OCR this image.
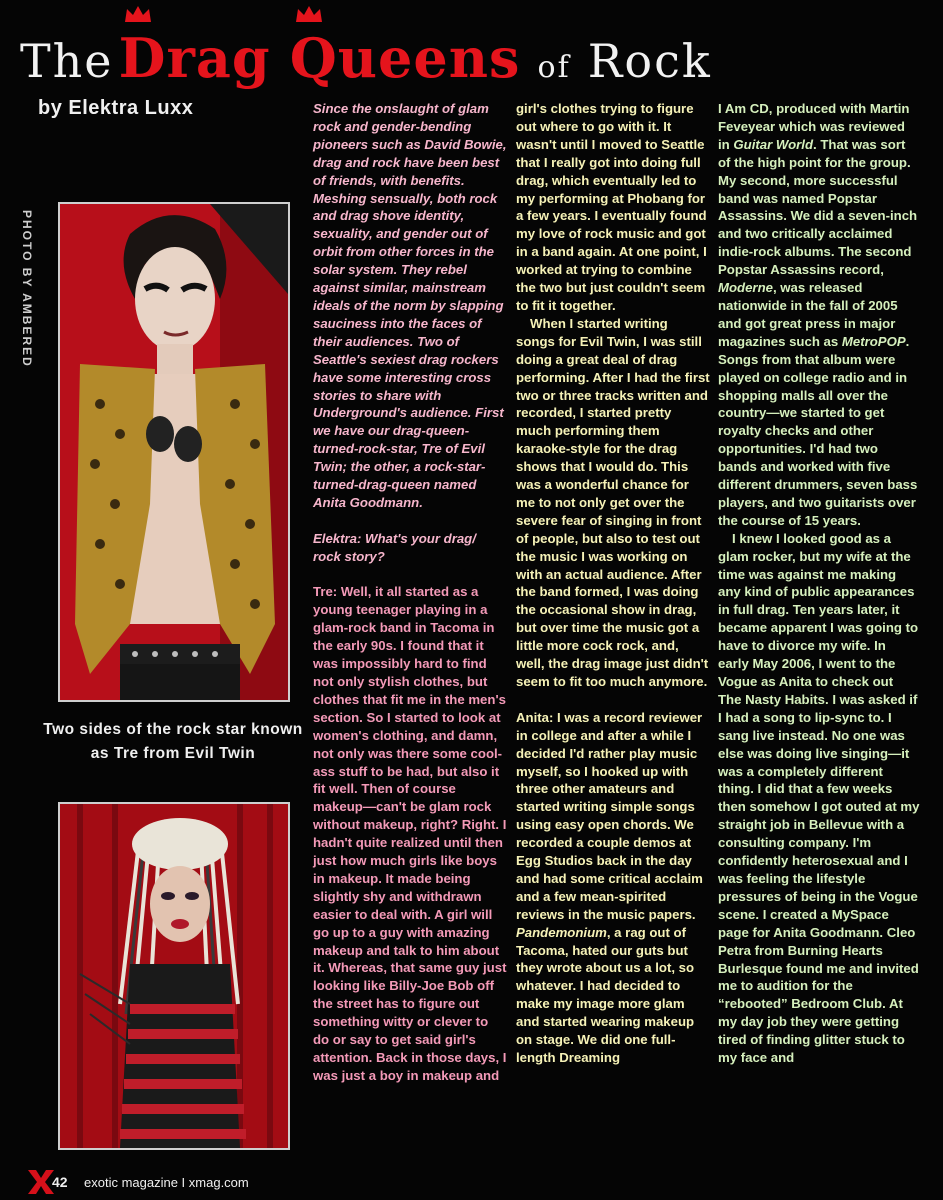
The
Drag Queens of Rock
by Elektra Luxx
PHOTO BY AMBERED
Two sides of the rock star known as Tre from Evil Twin

Since the onslaught of glam rock and gender-bending pioneers such as David Bowie, drag and rock have been best of friends, with benefits. Meshing sensually, both rock and drag shove identity, sexuality, and gender out of orbit from other forces in the solar system. They rebel against similar, mainstream ideals of the norm by slapping sauciness into the faces of their audiences. Two of Seattle's sexiest drag rockers have some interesting cross stories to share with Underground's audience. First we have our drag-queen-turned-rock-star, Tre of Evil Twin; the other, a rock-star-turned-drag-queen named Anita Goodmann.

Elektra: What's your drag/ rock story?

Tre: Well, it all started as a young teenager playing in a glam-rock band in Tacoma in the early 90s. I found that it was impossibly hard to find not only stylish clothes, but clothes that fit me in the men's section. So I started to look at women's clothing, and damn, not only was there some cool-ass stuff to be had, but also it fit well. Then of course makeup—can't be glam rock without makeup, right? Right. I hadn't quite realized until then just how much girls like boys in makeup. It made being slightly shy and withdrawn easier to deal with. A girl will go up to a guy with amazing makeup and talk to him about it. Whereas, that same guy just looking like Billy-Joe Bob off the street has to figure out something witty or clever to do or say to get said girl's attention. Back in those days, I was just a boy in makeup and

girl's clothes trying to figure out where to go with it. It wasn't until I moved to Seattle that I really got into doing full drag, which eventually led to my performing at Phobang for a few years. I eventually found my love of rock music and got in a band again. At one point, I worked at trying to combine the two but just couldn't seem to fit it together.

When I started writing songs for Evil Twin, I was still doing a great deal of drag performing. After I had the first two or three tracks written and recorded, I started pretty much performing them karaoke-style for the drag shows that I would do. This was a wonderful chance for me to not only get over the severe fear of singing in front of people, but also to test out the music I was working on with an actual audience. After the band formed, I was doing the occasional show in drag, but over time the music got a little more cock rock, and, well, the drag image just didn't seem to fit too much anymore.

Anita: I was a record reviewer in college and after a while I decided I'd rather play music myself, so I hooked up with three other amateurs and started writing simple songs using easy open chords. We recorded a couple demos at Egg Studios back in the day and had some critical acclaim and a few mean-spirited reviews in the music papers. Pandemonium, a rag out of Tacoma, hated our guts but they wrote about us a lot, so whatever. I had decided to make my image more glam and started wearing makeup on stage. We did one full-length Dreaming

I Am CD, produced with Martin Feveyear which was reviewed in Guitar World. That was sort of the high point for the group. My second, more successful band was named Popstar Assassins. We did a seven-inch and two critically acclaimed indie-rock albums. The second Popstar Assassins record, Moderne, was released nationwide in the fall of 2005 and got great press in major magazines such as MetroPOP. Songs from that album were played on college radio and in shopping malls all over the country—we started to get royalty checks and other opportunities. I'd had two bands and worked with five different drummers, seven bass players, and two guitarists over the course of 15 years.

I knew I looked good as a glam rocker, but my wife at the time was against me making any kind of public appearances in full drag. Ten years later, it became apparent I was going to have to divorce my wife. In early May 2006, I went to the Vogue as Anita to check out The Nasty Habits. I was asked if I had a song to lip-sync to. I sang live instead. No one was else was doing live singing—it was a completely different thing. I did that a few weeks then somehow I got outed at my straight job in Bellevue with a consulting company. I'm confidently heterosexual and I was feeling the lifestyle pressures of being in the Vogue scene. I created a MySpace page for Anita Goodmann. Cleo Petra from Burning Hearts Burlesque found me and invited me to audition for the “rebooted” Bedroom Club. At my day job they were getting tired of finding glitter stuck to my face and

42 exotic magazine I xmag.com
